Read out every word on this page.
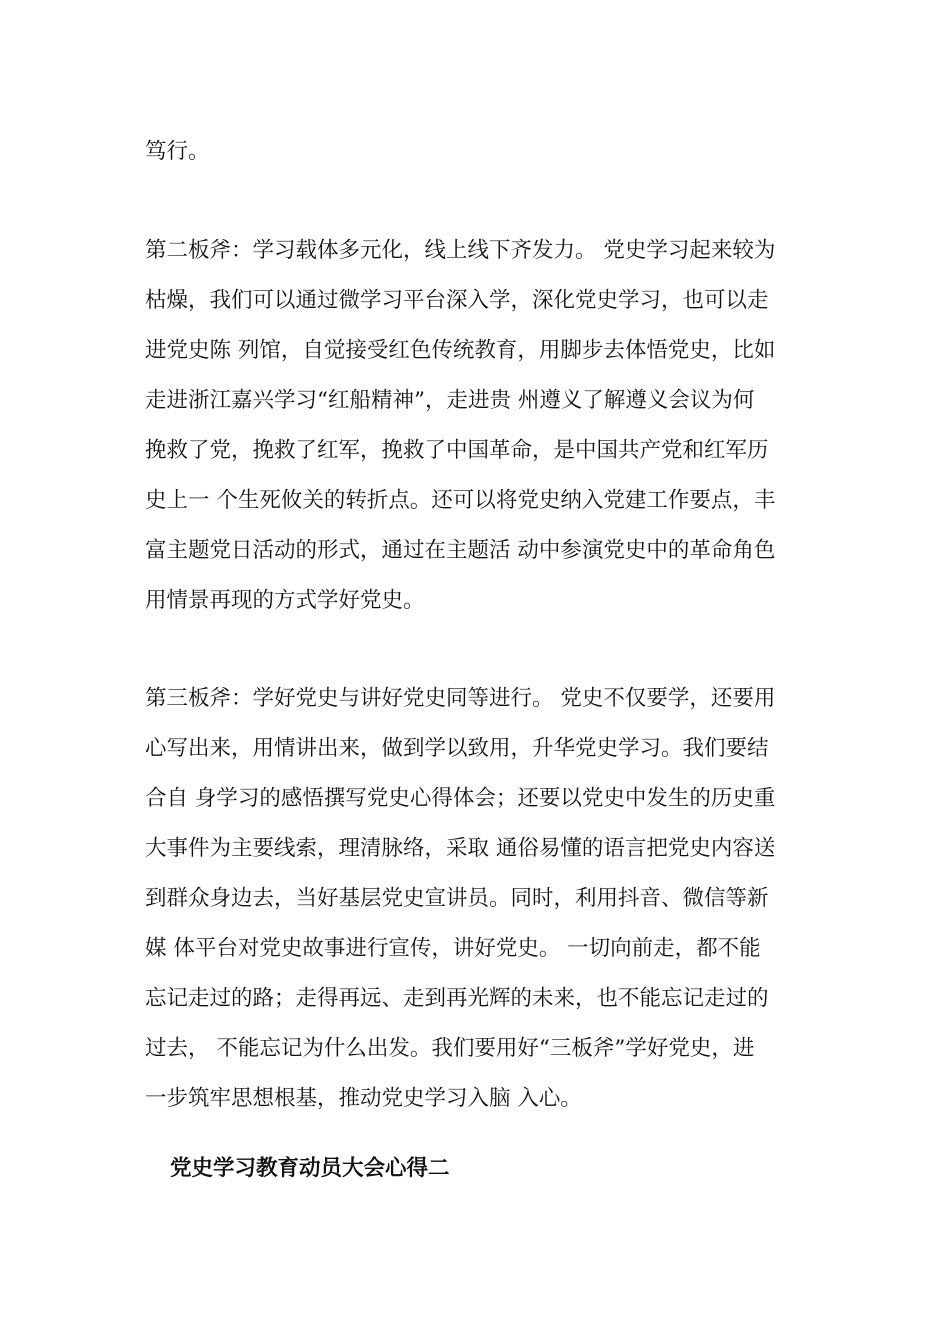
笃行。
第二板斧：学习载体多元化，线上线下齐发力。 党史学习起来较为
枯燥，我们可以通过微学习平台深入学，深化党史学习，也可以走
进党史陈 列馆，自觉接受红色传统教育，用脚步去体悟党史，比如
走进浙江嘉兴学习“红船精神”，走进贵 州遵义了解遵义会议为何
挽救了党，挽救了红军，挽救了中国革命，是中国共产党和红军历
史上一 个生死攸关的转折点。还可以将党史纳入党建工作要点，丰
富主题党日活动的形式，通过在主题活 动中参演党史中的革命角色
用情景再现的方式学好党史。
第三板斧：学好党史与讲好党史同等进行。 党史不仅要学，还要用
心写出来，用情讲出来，做到学以致用，升华党史学习。我们要结
合自 身学习的感悟撰写党史心得体会；还要以党史中发生的历史重
大事件为主要线索，理清脉络，采取 通俗易懂的语言把党史内容送
到群众身边去，当好基层党史宣讲员。同时，利用抖音、微信等新
媒 体平台对党史故事进行宣传，讲好党史。 一切向前走，都不能
忘记走过的路；走得再远、走到再光辉的未来，也不能忘记走过的
过去， 不能忘记为什么出发。我们要用好“三板斧”学好党史，进
一步筑牢思想根基，推动党史学习入脑 入心。
党史学习教育动员大会心得二
